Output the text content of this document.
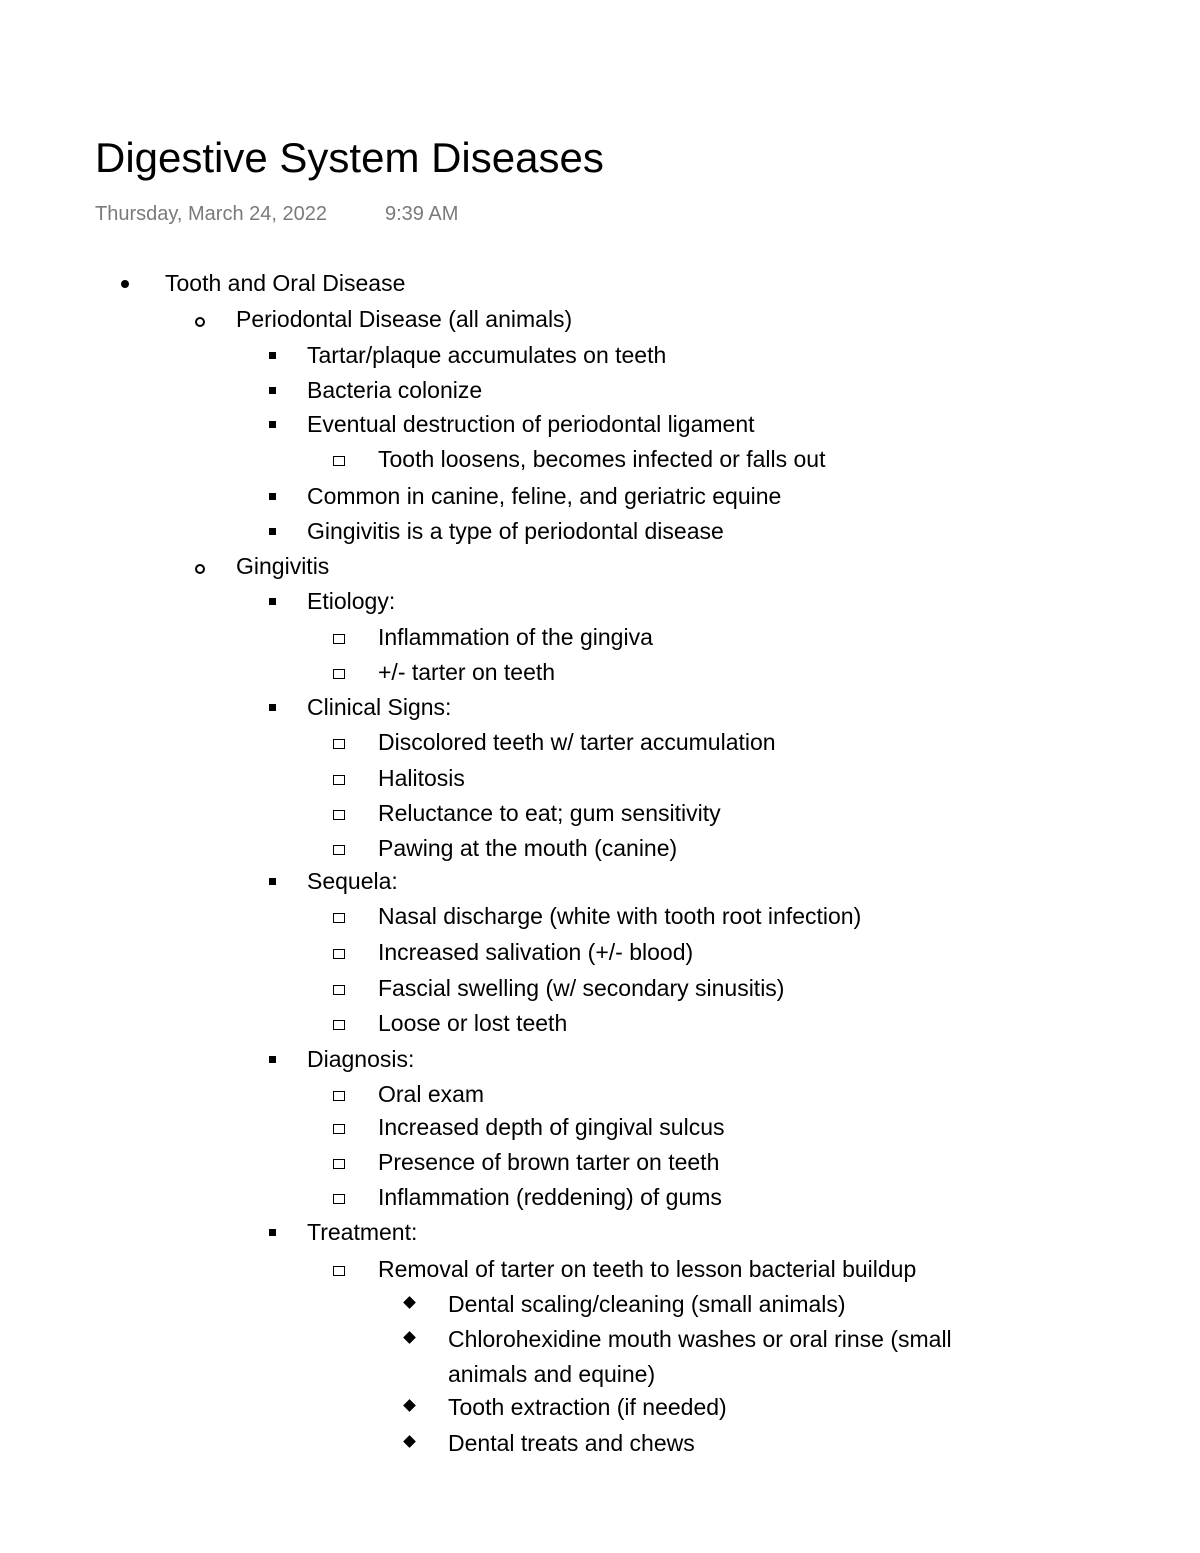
Digestive System Diseases
Thursday, March 24, 2022	9:39 AM
Tooth and Oral Disease
Periodontal Disease (all animals)
Tartar/plaque accumulates on teeth
Bacteria colonize
Eventual destruction of periodontal ligament
Tooth loosens, becomes infected or falls out
Common in canine, feline, and geriatric equine
Gingivitis is a type of periodontal disease
Gingivitis
Etiology:
Inflammation of the gingiva
+/- tarter on teeth
Clinical Signs:
Discolored teeth w/ tarter accumulation
Halitosis
Reluctance to eat; gum sensitivity
Pawing at the mouth (canine)
Sequela:
Nasal discharge (white with tooth root infection)
Increased salivation (+/- blood)
Fascial swelling (w/ secondary sinusitis)
Loose or lost teeth
Diagnosis:
Oral exam
Increased depth of gingival sulcus
Presence of brown tarter on teeth
Inflammation (reddening) of gums
Treatment:
Removal of tarter on teeth to lesson bacterial buildup
Dental scaling/cleaning (small animals)
Chlorohexidine mouth washes or oral rinse (small
animals and equine)
Tooth extraction (if needed)
Dental treats and chews
